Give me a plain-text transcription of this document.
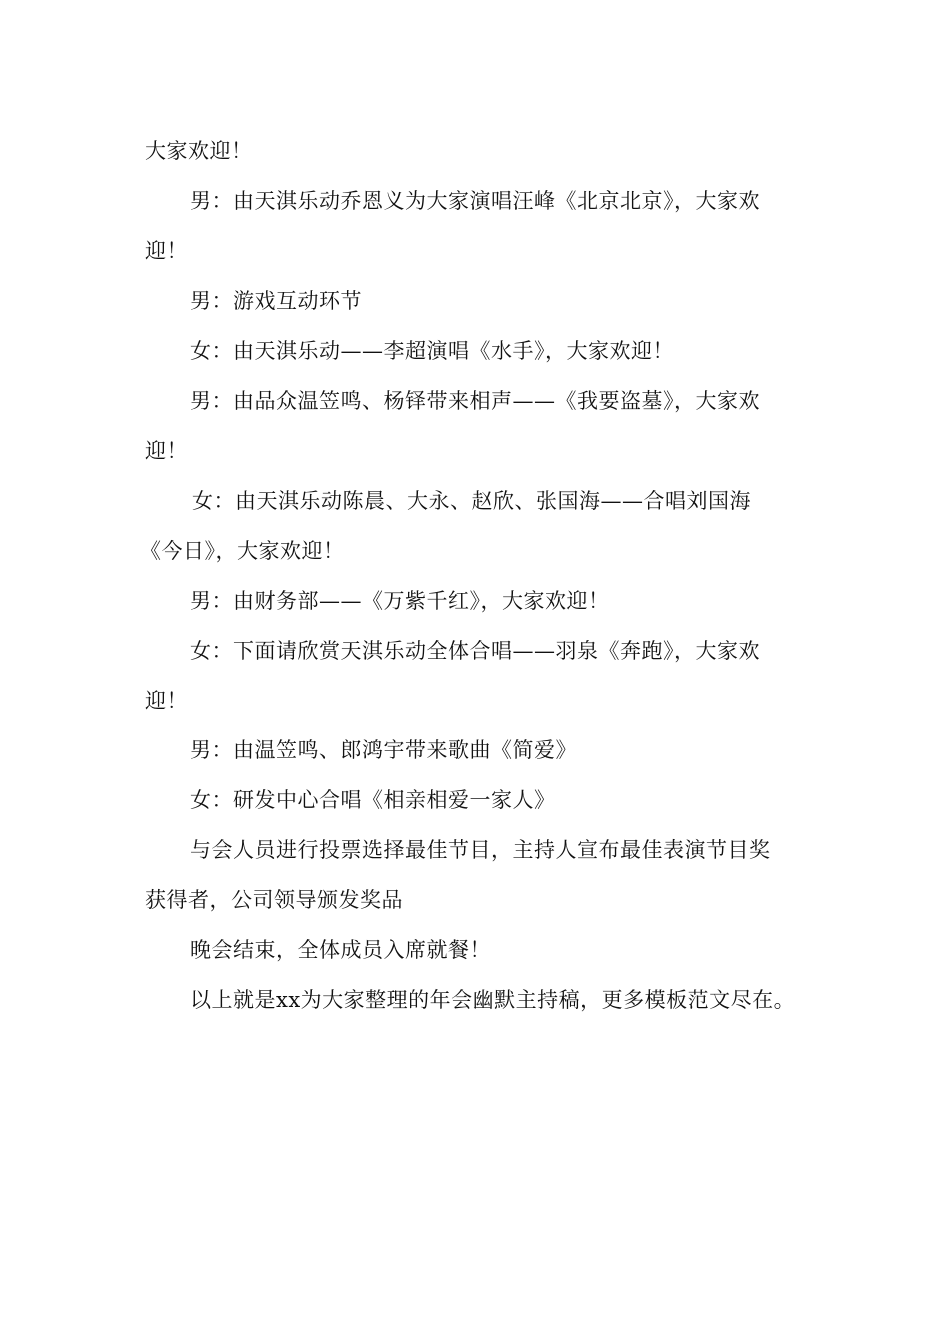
大家欢迎！
男：由天淇乐动乔恩义为大家演唱汪峰《北京北京》，大家欢
迎！
男：游戏互动环节
女：由天淇乐动——李超演唱《水手》，大家欢迎！
男：由品众温笠鸣、杨铎带来相声——《我要盗墓》，大家欢
迎！
女：由天淇乐动陈晨、大永、赵欣、张国海——合唱刘国海
《今日》，大家欢迎！
男：由财务部——《万紫千红》，大家欢迎！
女：下面请欣赏天淇乐动全体合唱——羽泉《奔跑》，大家欢
迎！
男：由温笠鸣、郎鸿宇带来歌曲《简爱》
女：研发中心合唱《相亲相爱一家人》
与会人员进行投票选择最佳节目，主持人宣布最佳表演节目奖
获得者，公司领导颁发奖品
晚会结束，全体成员入席就餐！
以上就是xx为大家整理的年会幽默主持稿，更多模板范文尽在。
